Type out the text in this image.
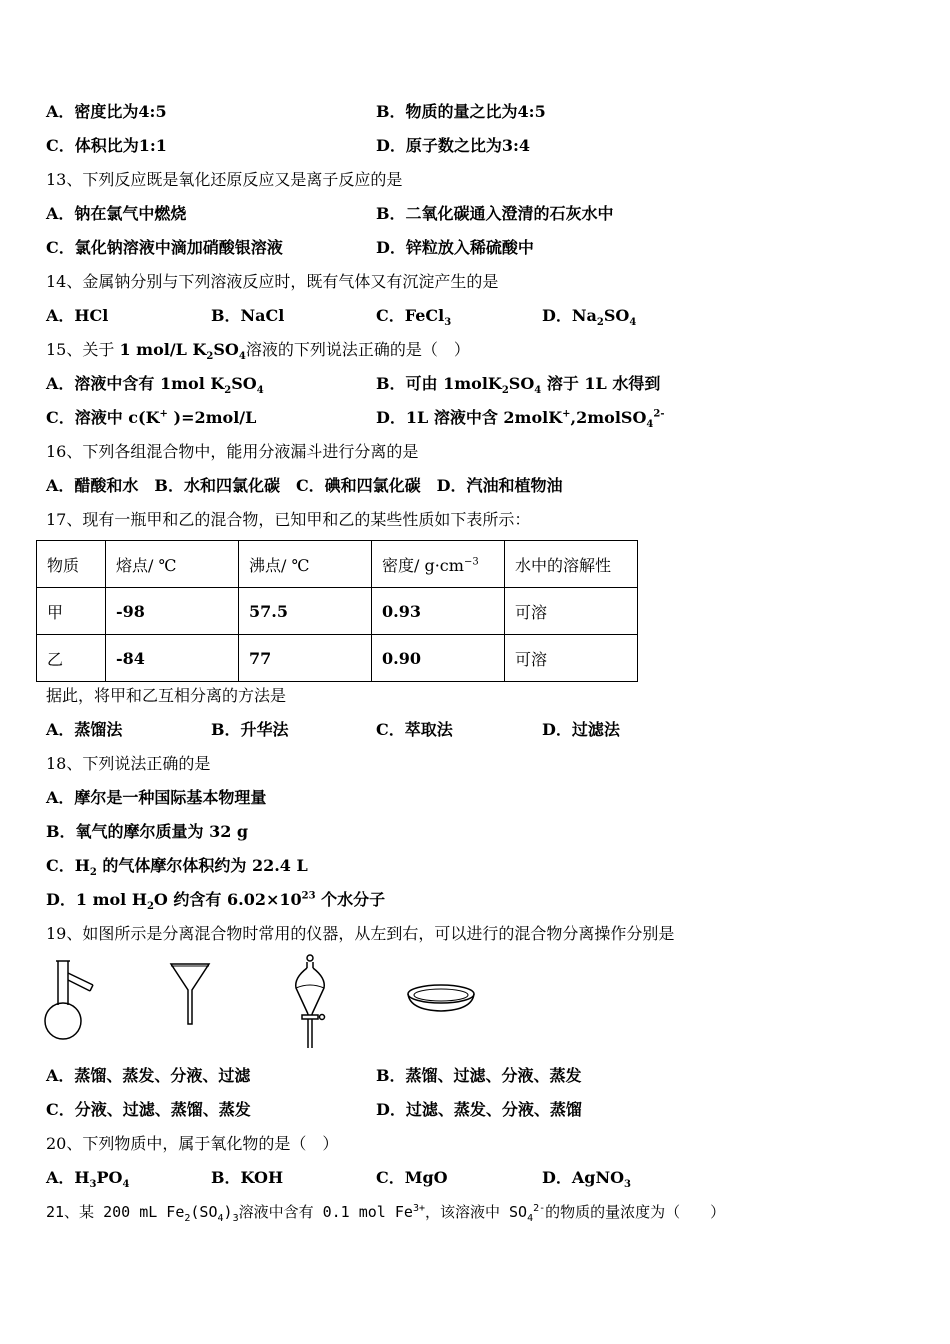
A．密度比为4:5	B．物质的量之比为4:5
C．体积比为1:1	D．原子数之比为3:4
13、下列反应既是氧化还原反应又是离子反应的是
A．钠在氯气中燃烧	B．二氧化碳通入澄清的石灰水中
C．氯化钠溶液中滴加硝酸银溶液	D．锌粒放入稀硫酸中
14、金属钠分别与下列溶液反应时，既有气体又有沉淀产生的是
A．HCl	B．NaCl	C．FeCl$_3$	D．$Na_2SO_4$
15、关于 1 mol/L $K_2SO_4$溶液的下列说法正确的是（　）
A．溶液中含有 1mol $K_2SO_4$	B．可由 $1molK_2SO_4$ 溶于 1L 水得到
C．溶液中 c(K+ )=2mol/L	D．1L 溶液中含 2molK+,2molSO$_4^{2-}$
16、下列各组混合物中，能用分液漏斗进行分离的是
A．醋酸和水　B．水和四氯化碳　C．碘和四氯化碳　D．汽油和植物油
17、现有一瓶甲和乙的混合物，已知甲和乙的某些性质如下表所示：
物质	熔点/ ℃	沸点/ ℃	密度/ $g\cdot cm^{-3}$	水中的溶解性
甲	-98	57.5	0.93	可溶
乙	-84	77	0.90	可溶
据此，将甲和乙互相分离的方法是
A．蒸馏法	B．升华法	C．萃取法	D．过滤法
18、下列说法正确的是
A．摩尔是一种国际基本物理量
B．氧气的摩尔质量为 32 g
C．$H_2$ 的气体摩尔体积约为 22.4 L
D．1 mol $H_2O$ 约含有 $6.02\times 10^{23}$ 个水分子
19、如图所示是分离混合物时常用的仪器，从左到右，可以进行的混合物分离操作分别是
A．蒸馏、蒸发、分液、过滤	B．蒸馏、过滤、分液、蒸发
C．分液、过滤、蒸馏、蒸发	D．过滤、蒸发、分液、蒸馏
20、下列物质中，属于氧化物的是（　）
A．$H_3PO_4$	B．KOH	C．MgO	D．AgNO$_3$
21、某 200 mL $Fe_2(SO_4)_3$溶液中含有 0.1 mol $Fe^{3+}$，该溶液中 $SO_4^{2-}$的物质的量浓度为（　　）
